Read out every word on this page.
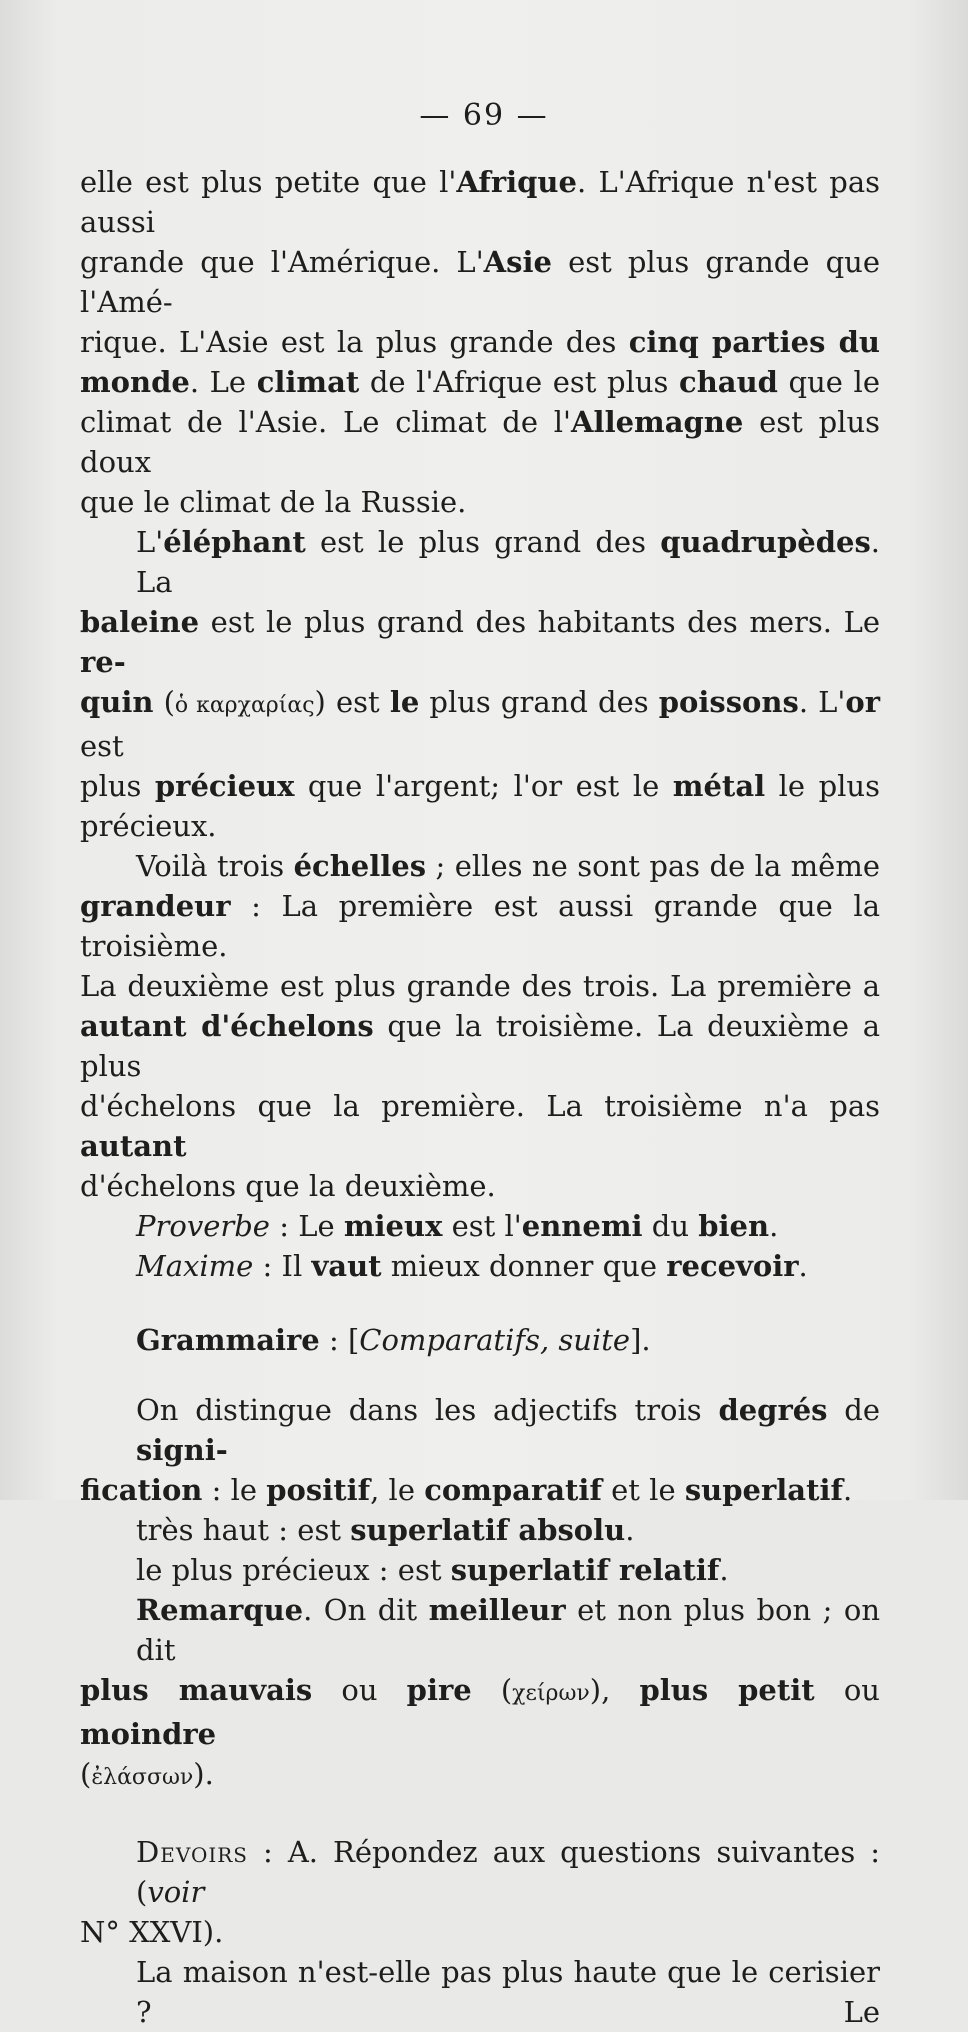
— 69 —
elle est plus petite que l'Afrique. L'Afrique n'est pas aussi
grande que l'Amérique. L'Asie est plus grande que l'Amé-
rique. L'Asie est la plus grande des cinq parties du
monde. Le climat de l'Afrique est plus chaud que le
climat de l'Asie. Le climat de l'Allemagne est plus doux
que le climat de la Russie.
L'éléphant est le plus grand des quadrupèdes. La
baleine est le plus grand des habitants des mers. Le re-
quin (ὁ καρχαρίας) est le plus grand des poissons. L'or est
plus précieux que l'argent; l'or est le métal le plus
précieux.
Voilà trois échelles ; elles ne sont pas de la même
grandeur : La première est aussi grande que la troisième.
La deuxième est plus grande des trois. La première a
autant d'échelons que la troisième. La deuxième a plus
d'échelons que la première. La troisième n'a pas autant
d'échelons que la deuxième.
Proverbe : Le mieux est l'ennemi du bien.
Maxime : Il vaut mieux donner que recevoir.
Grammaire : [Comparatifs, suite].
On distingue dans les adjectifs trois degrés de signi-
fication : le positif, le comparatif et le superlatif.
très haut : est superlatif absolu.
le plus précieux : est superlatif relatif.
Remarque. On dit meilleur et non plus bon ; on dit
plus mauvais ou pire (χείρων), plus petit ou moindre
(ἐλάσσων).
Devoirs : A. Répondez aux questions suivantes : (voir
N° XXVI).
La maison n'est-elle pas plus haute que le cerisier ? Le
